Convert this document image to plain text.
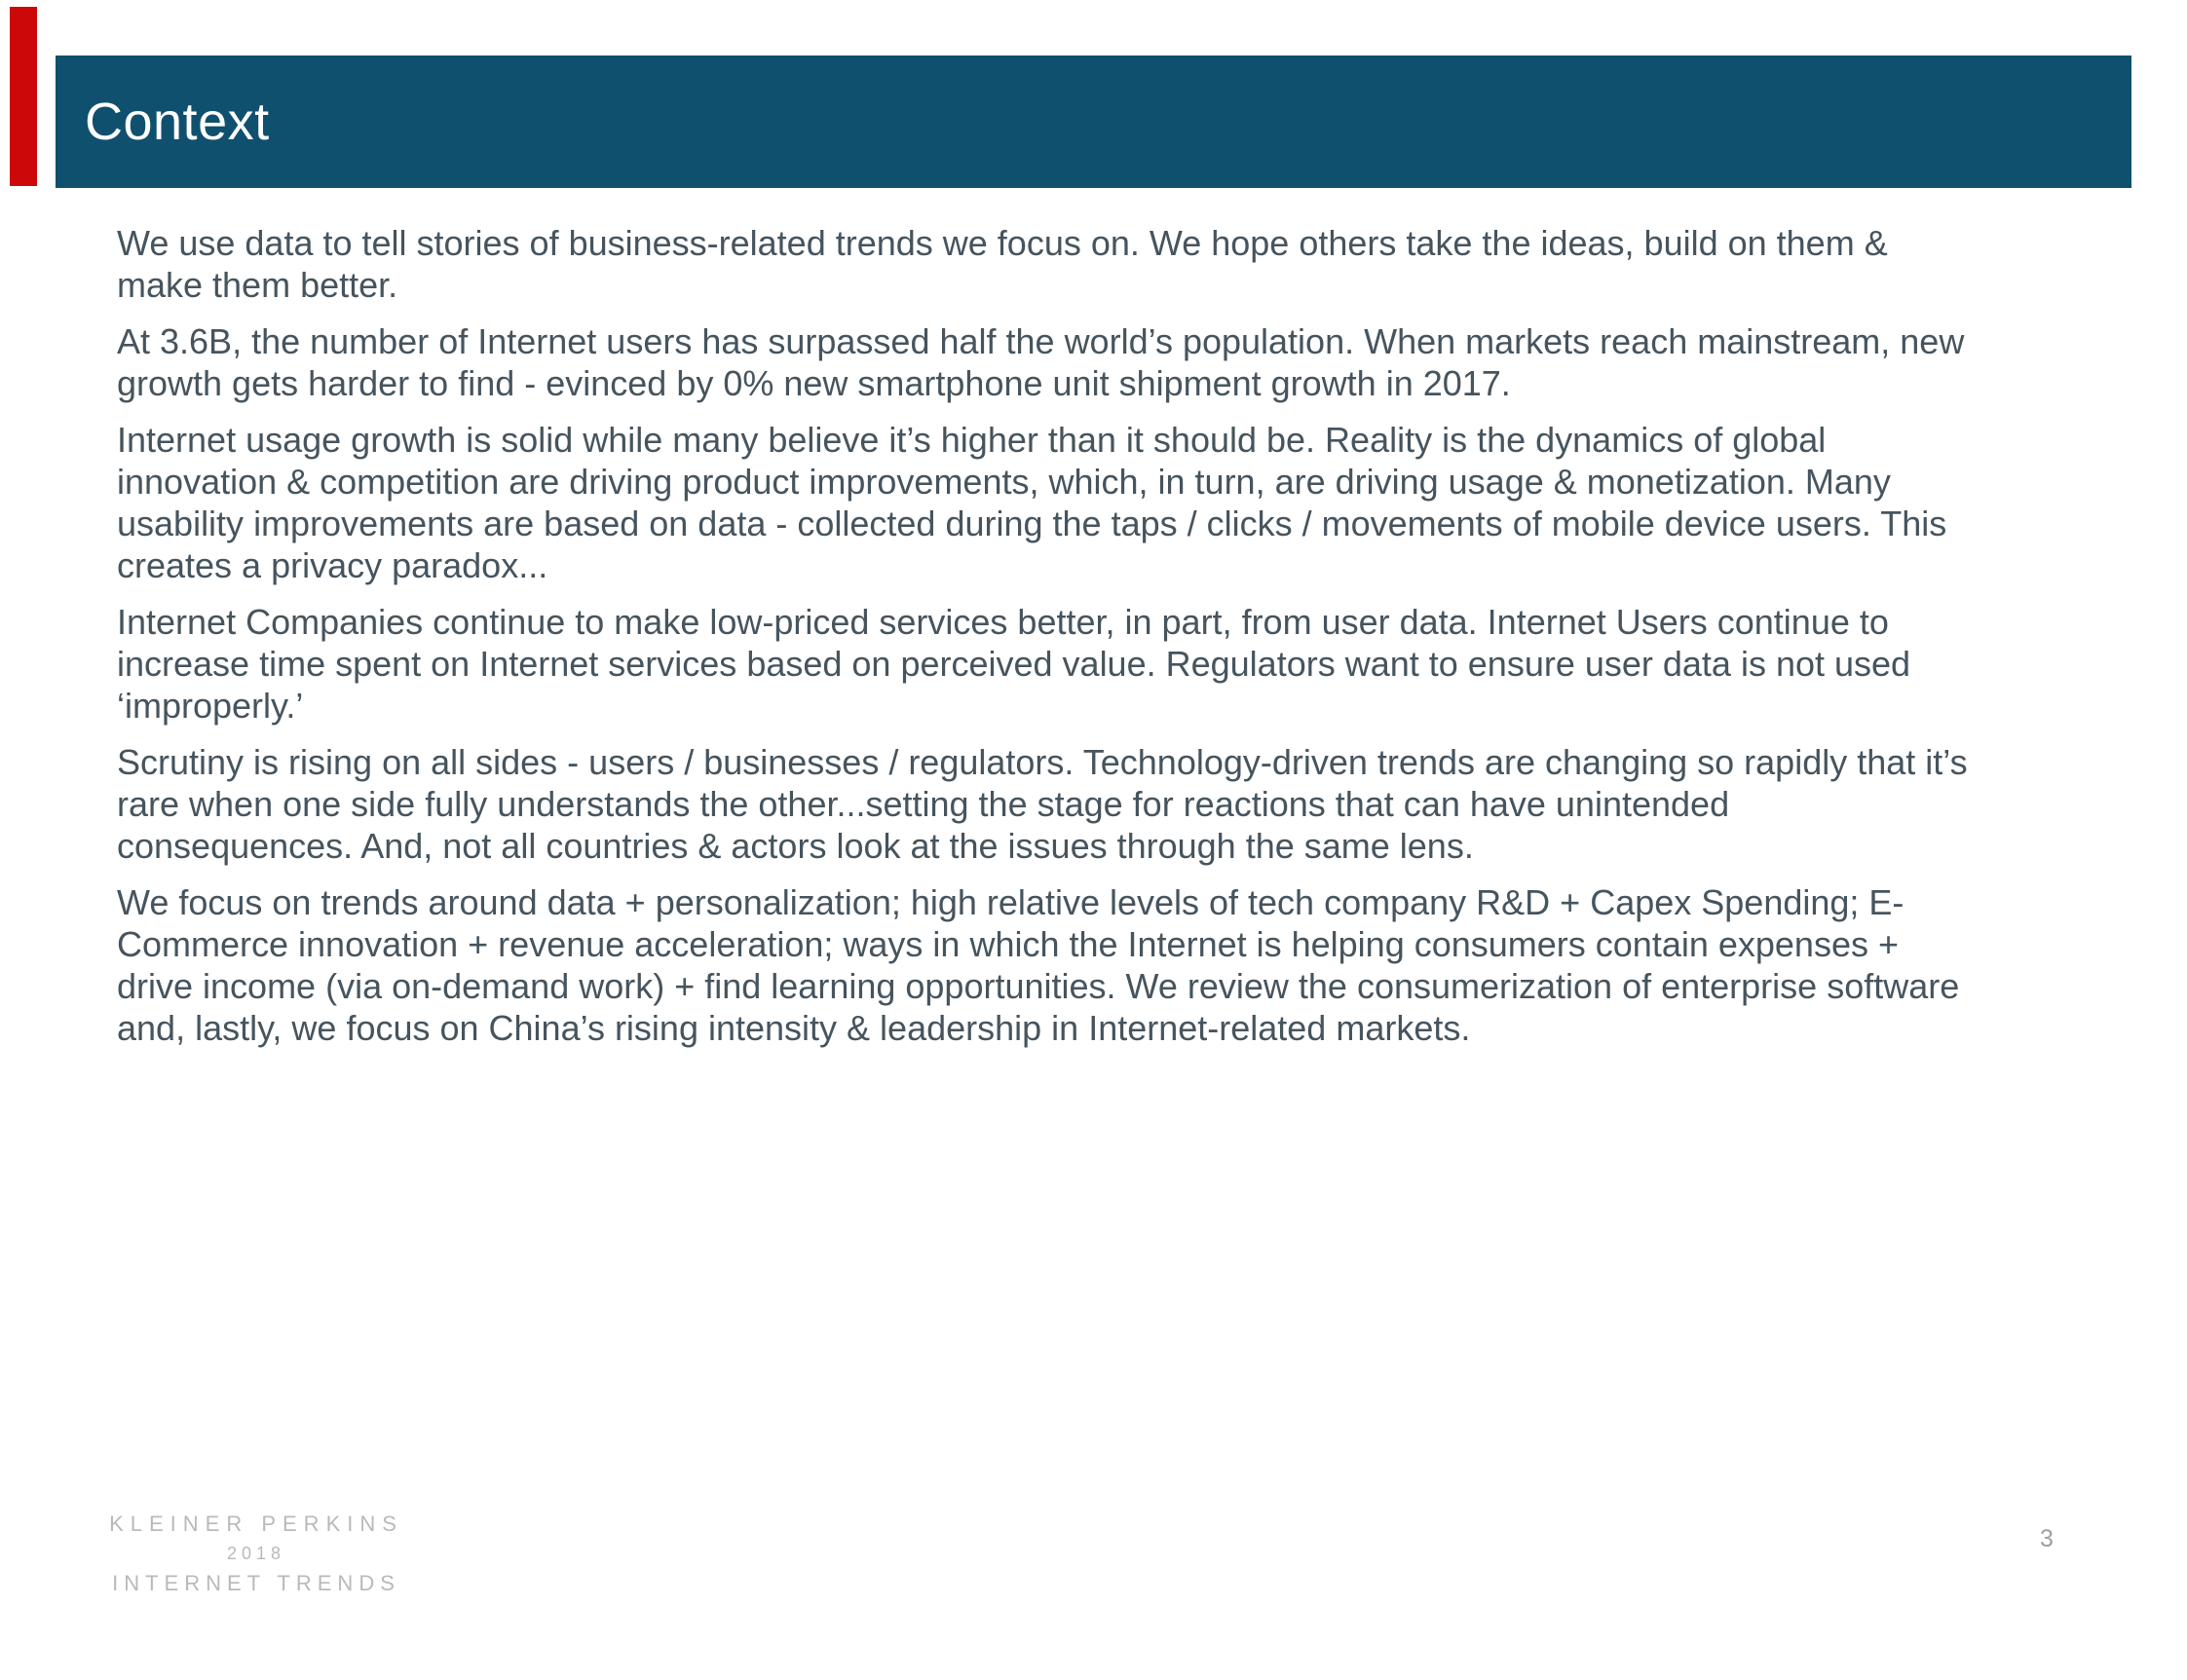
Context

We use data to tell stories of business-related trends we focus on. We hope others take the ideas, build on them & make them better.

At 3.6B, the number of Internet users has surpassed half the world’s population. When markets reach mainstream, new growth gets harder to find - evinced by 0% new smartphone unit shipment growth in 2017.

Internet usage growth is solid while many believe it’s higher than it should be. Reality is the dynamics of global innovation & competition are driving product improvements, which, in turn, are driving usage & monetization. Many usability improvements are based on data - collected during the taps / clicks / movements of mobile device users. This creates a privacy paradox...

Internet Companies continue to make low-priced services better, in part, from user data. Internet Users continue to increase time spent on Internet services based on perceived value. Regulators want to ensure user data is not used ‘improperly.’

Scrutiny is rising on all sides - users / businesses / regulators. Technology-driven trends are changing so rapidly that it’s rare when one side fully understands the other...setting the stage for reactions that can have unintended consequences. And, not all countries & actors look at the issues through the same lens.

We focus on trends around data + personalization; high relative levels of tech company R&D + Capex Spending; E-Commerce innovation + revenue acceleration; ways in which the Internet is helping consumers contain expenses + drive income (via on-demand work) + find learning opportunities. We review the consumerization of enterprise software and, lastly, we focus on China’s rising intensity & leadership in Internet-related markets.

KLEINER PERKINS
2018
INTERNET TRENDS
3
